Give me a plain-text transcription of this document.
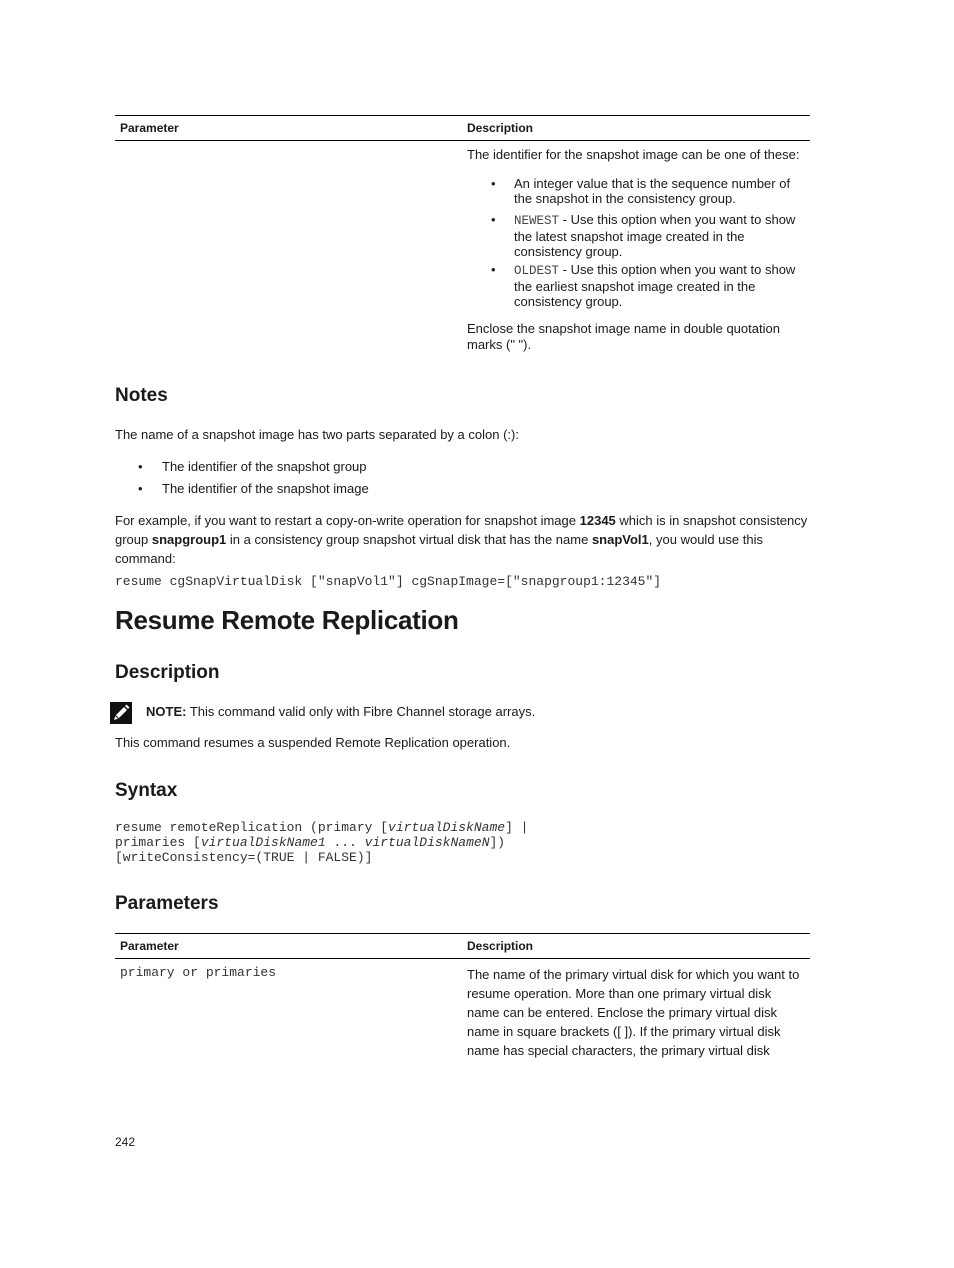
Parameter	Description
The identifier for the snapshot image can be one of these:
• An integer value that is the sequence number of the snapshot in the consistency group.
• NEWEST - Use this option when you want to show the latest snapshot image created in the consistency group.
• OLDEST - Use this option when you want to show the earliest snapshot image created in the consistency group.
Enclose the snapshot image name in double quotation marks (" ").
Notes
The name of a snapshot image has two parts separated by a colon (:):
• The identifier of the snapshot group
• The identifier of the snapshot image
For example, if you want to restart a copy-on-write operation for snapshot image 12345 which is in snapshot consistency group snapgroup1 in a consistency group snapshot virtual disk that has the name snapVol1, you would use this command:
resume cgSnapVirtualDisk ["snapVol1"] cgSnapImage=["snapgroup1:12345"]
Resume Remote Replication
Description
NOTE: This command valid only with Fibre Channel storage arrays.
This command resumes a suspended Remote Replication operation.
Syntax
resume remoteReplication (primary [virtualDiskName] |
primaries [virtualDiskName1 ... virtualDiskNameN])
[writeConsistency=(TRUE | FALSE)]
Parameters
Parameter	Description
primary or primaries	The name of the primary virtual disk for which you want to
resume operation. More than one primary virtual disk
name can be entered. Enclose the primary virtual disk
name in square brackets ([ ]). If the primary virtual disk
name has special characters, the primary virtual disk
242
